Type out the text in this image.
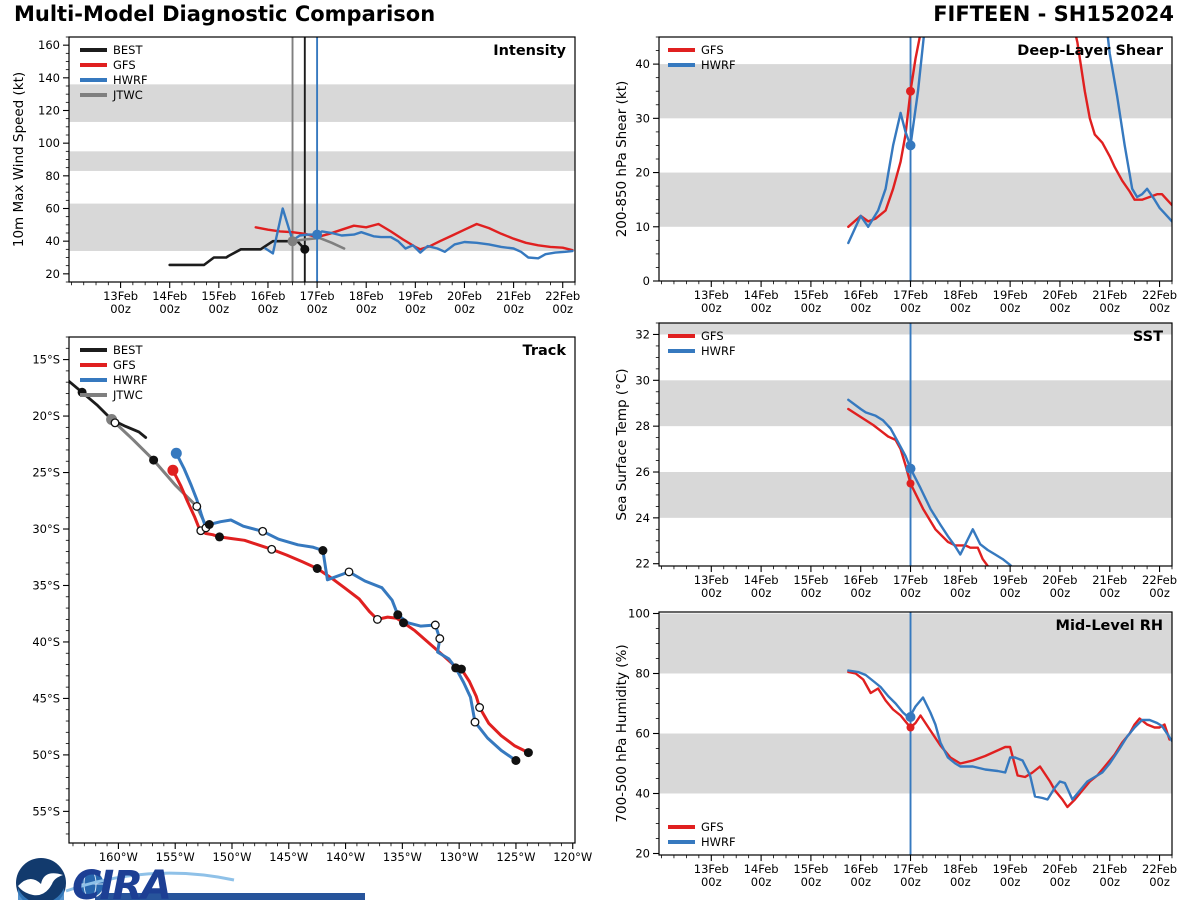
Multi-Model Diagnostic Comparison	FIFTEEN - SH152024
13Feb
00z
14Feb
00z
15Feb
00z
16Feb
00z
17Feb
00z
18Feb
00z
19Feb
00z
20Feb
00z
21Feb
00z
22Feb
00z
20
40
60
80
100
120
140
160
10m Max Wind Speed (kt)
Intensity
BEST
GFS
HWRF
JTWC
160°W 155°W 150°W 145°W 140°W 135°W 130°W 125°W 120°W
15°S
20°S
25°S
30°S
35°S
40°S
45°S
50°S
55°S
Track
BEST
GFS
HWRF
JTWC
13Feb
00z
14Feb
00z
15Feb
00z
16Feb
00z
17Feb
00z
18Feb
00z
19Feb
00z
20Feb
00z
21Feb
00z
22Feb
00z
0
10
20
30
40
200-850 hPa Shear (kt)
Deep-Layer Shear
GFS
HWRF
13Feb
00z
14Feb
00z
15Feb
00z
16Feb
00z
17Feb
00z
18Feb
00z
19Feb
00z
20Feb
00z
21Feb
00z
22Feb
00z
22
24
26
28
30
32
Sea Surface Temp (°C)
SST
GFS
HWRF
13Feb
00z
14Feb
00z
15Feb
00z
16Feb
00z
17Feb
00z
18Feb
00z
19Feb
00z
20Feb
00z
21Feb
00z
22Feb
00z
20
40
60
80
100
700-500 hPa Humidity (%)
Mid-Level RH
GFS
HWRF
CIRA
